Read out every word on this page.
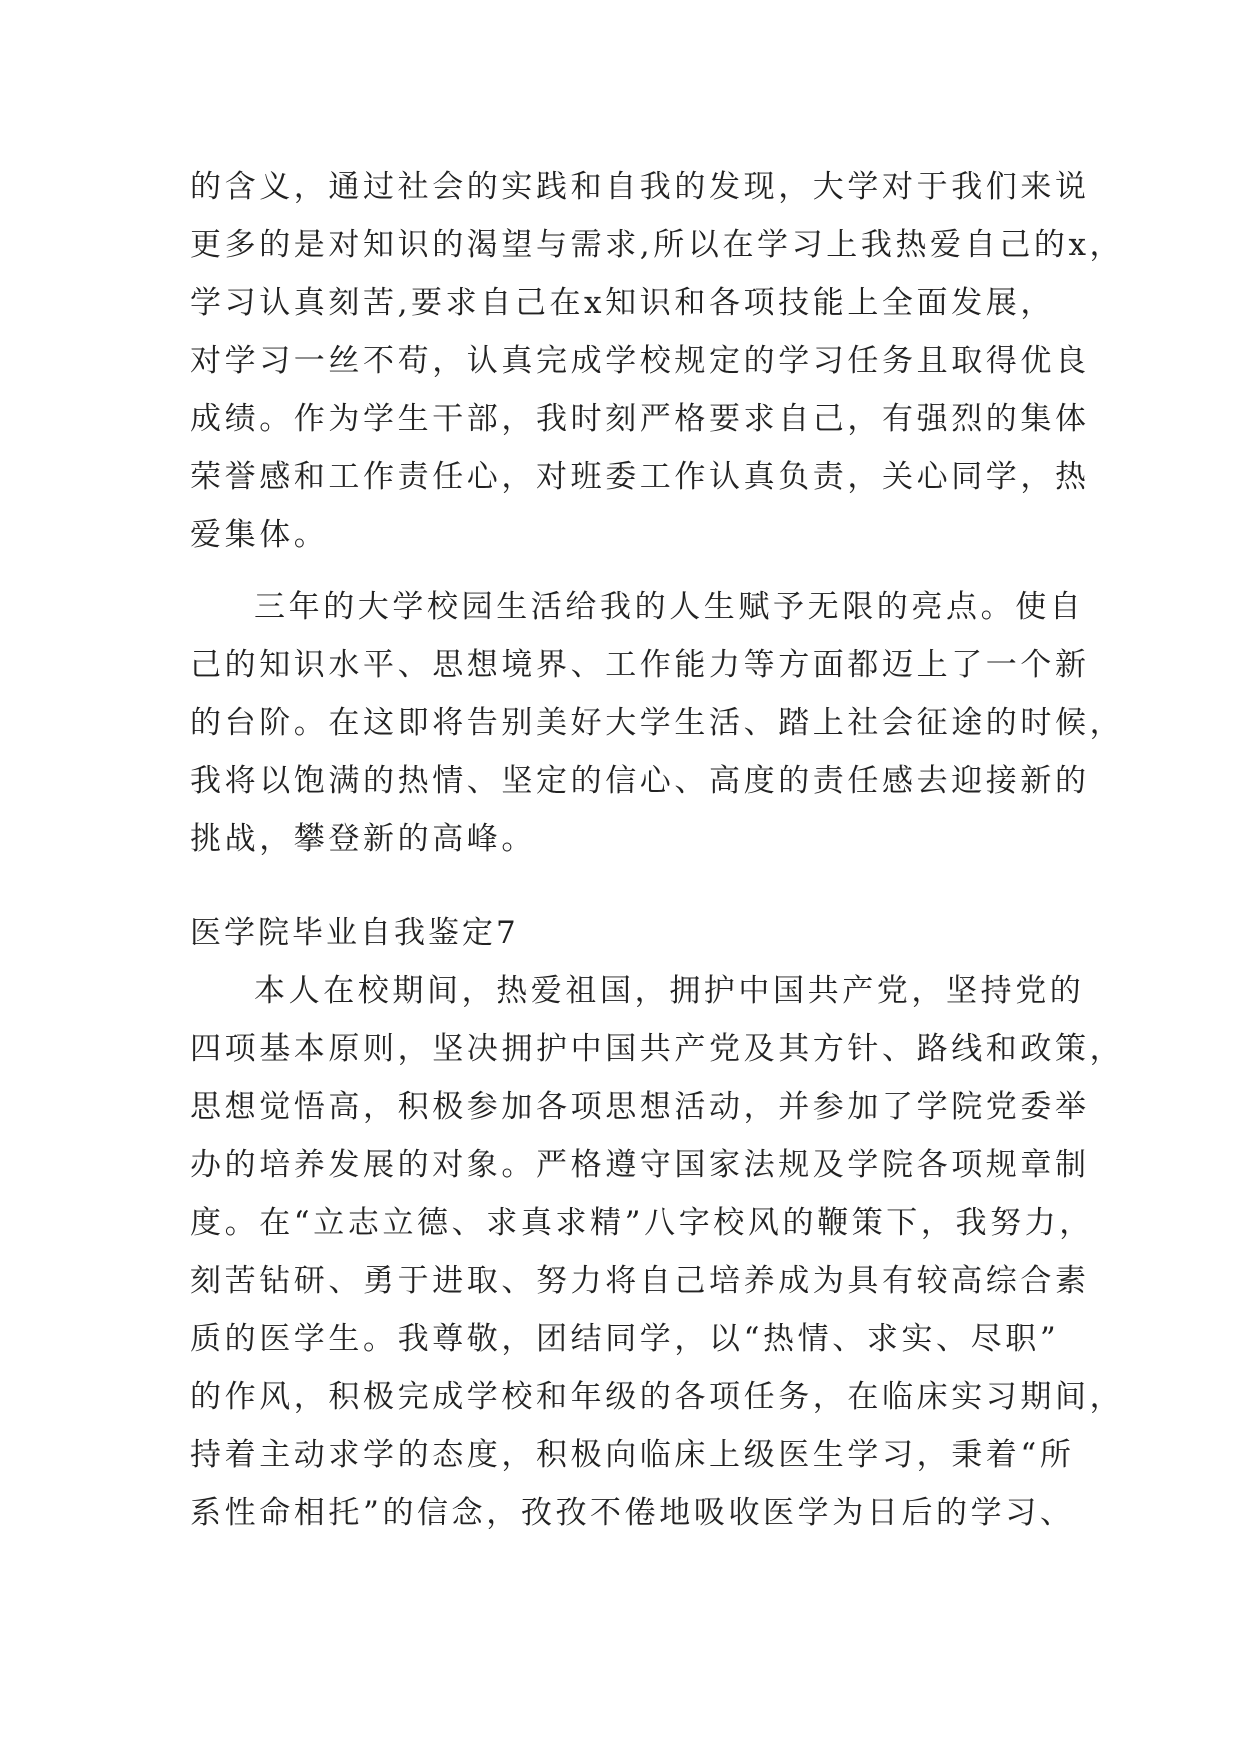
的含义，通过社会的实践和自我的发现，大学对于我们来说
更多的是对知识的渴望与需求,所以在学习上我热爱自己的x，
学习认真刻苦,要求自己在x知识和各项技能上全面发展，
对学习一丝不苟，认真完成学校规定的学习任务且取得优良
成绩。作为学生干部，我时刻严格要求自己，有强烈的集体
荣誉感和工作责任心，对班委工作认真负责，关心同学，热
爱集体。
三年的大学校园生活给我的人生赋予无限的亮点。使自
己的知识水平、思想境界、工作能力等方面都迈上了一个新
的台阶。在这即将告别美好大学生活、踏上社会征途的时候，
我将以饱满的热情、坚定的信心、高度的责任感去迎接新的
挑战，攀登新的高峰。
医学院毕业自我鉴定7
本人在校期间，热爱祖国，拥护中国共产党，坚持党的
四项基本原则，坚决拥护中国共产党及其方针、路线和政策，
思想觉悟高，积极参加各项思想活动，并参加了学院党委举
办的培养发展的对象。严格遵守国家法规及学院各项规章制
度。在“立志立德、求真求精”八字校风的鞭策下，我努力，
刻苦钻研、勇于进取、努力将自己培养成为具有较高综合素
质的医学生。我尊敬，团结同学，以“热情、求实、尽职”
的作风，积极完成学校和年级的各项任务，在临床实习期间，
持着主动求学的态度，积极向临床上级医生学习，秉着“所
系性命相托”的信念，孜孜不倦地吸收医学为日后的学习、
